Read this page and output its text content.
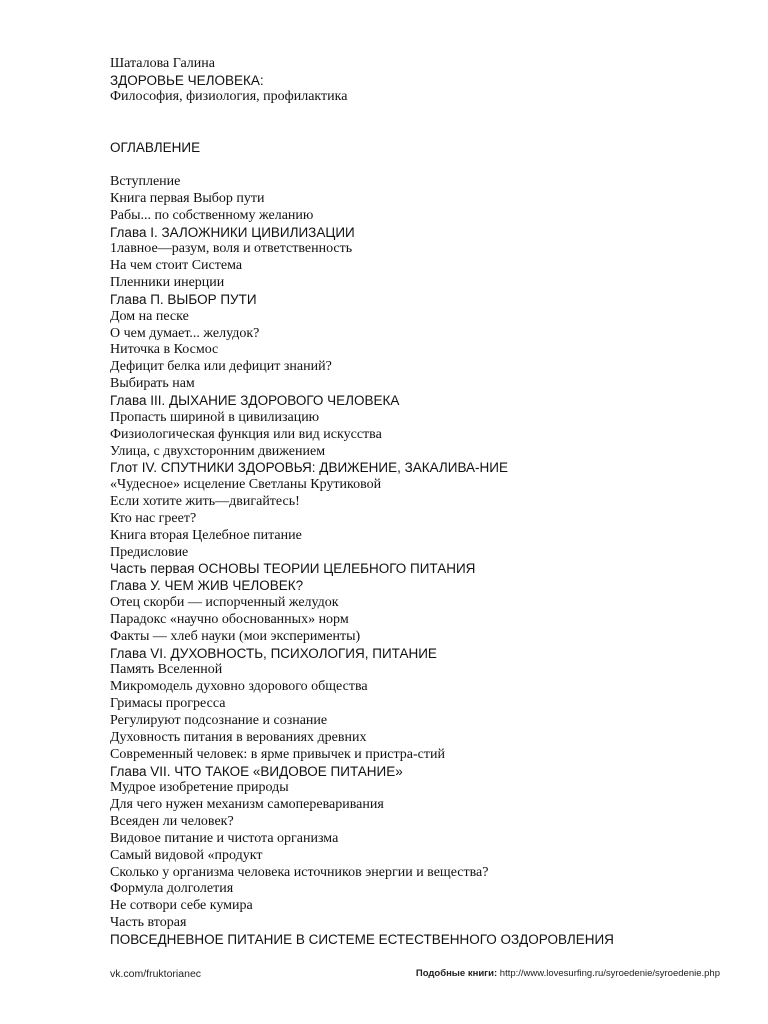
Шаталова Галина
ЗДОРОВЬЕ ЧЕЛОВЕКА:
Философия, физиология, профилактика
ОГЛАВЛЕНИЕ
Вступление
Книга первая Выбор пути
Рабы... по собственному желанию
Глава I. ЗАЛОЖНИКИ ЦИВИЛИЗАЦИИ
1лавное—разум, воля и ответственность
На чем стоит Система
Пленники инерции
Глава П. ВЫБОР ПУТИ
Дом на песке
О чем думает... желудок?
Ниточка в Космос
Дефицит белка или дефицит знаний?
Выбирать нам
Глава III. ДЫХАНИЕ ЗДОРОВОГО ЧЕЛОВЕКА
Пропасть шириной в цивилизацию
Физиологическая функция или вид искусства
Улица, с двухсторонним движением
Глот IV. СПУТНИКИ ЗДОРОВЬЯ: ДВИЖЕНИЕ, ЗАКАЛИВА-НИЕ
«Чудесное» исцеление Светланы Крутиковой
Если хотите жить—двигайтесь!
Кто нас греет?
Книга вторая Целебное питание
Предисловие
Часть первая ОСНОВЫ ТЕОРИИ ЦЕЛЕБНОГО ПИТАНИЯ
Глава У. ЧЕМ ЖИВ ЧЕЛОВЕК?
Отец скорби — испорченный желудок
Парадокс «научно обоснованных» норм
Факты — хлеб науки (мои эксперименты)
Глава VI. ДУХОВНОСТЬ, ПСИХОЛОГИЯ, ПИТАНИЕ
Память Вселенной
Микромодель духовно здорового общества
Гримасы прогресса
Регулируют подсознание и сознание
Духовность питания в верованиях древних
Современный человек: в ярме привычек и пристра-стий
Глава VII. ЧТО ТАКОЕ «ВИДОВОЕ ПИТАНИЕ»
Мудрое изобретение природы
Для чего нужен механизм самопереваривания
Всеяден ли человек?
Видовое питание и чистота организма
Самый видовой «продукт
Сколько у организма человека источников энергии и вещества?
Формула долголетия
Не сотвори себе кумира
Часть вторая
ПОВСЕДНЕВНОЕ ПИТАНИЕ В СИСТЕМЕ ЕСТЕСТВЕННОГО ОЗДОРОВЛЕНИЯ
vk.com/fruktorianec	Подобные книги: http://www.lovesurfing.ru/syroedenie/syroedenie.php
